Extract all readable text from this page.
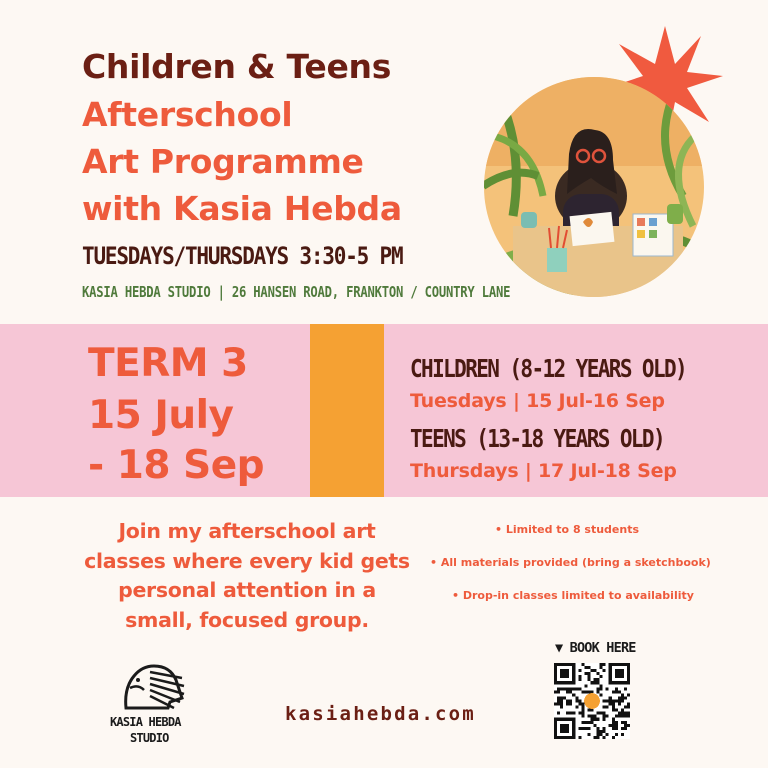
Children & Teens
Afterschool
Art Programme
with Kasia Hebda
TUESDAYS/THURSDAYS 3:30-5 PM
KASIA HEBDA STUDIO | 26 HANSEN ROAD, FRANKTON / COUNTRY LANE
TERM 3
15 July
- 18 Sep
CHILDREN (8-12 YEARS OLD)
Tuesdays | 15 Jul-16 Sep
TEENS (13-18 YEARS OLD)
Thursdays | 17 Jul-18 Sep
Join my afterschool art classes where every kid gets personal attention in a small, focused group.
• Limited to 8 students
• All materials provided (bring a sketchbook)
• Drop-in classes limited to availability
KASIA HEBDA
STUDIO
kasiahebda.com
▼ BOOK HERE
